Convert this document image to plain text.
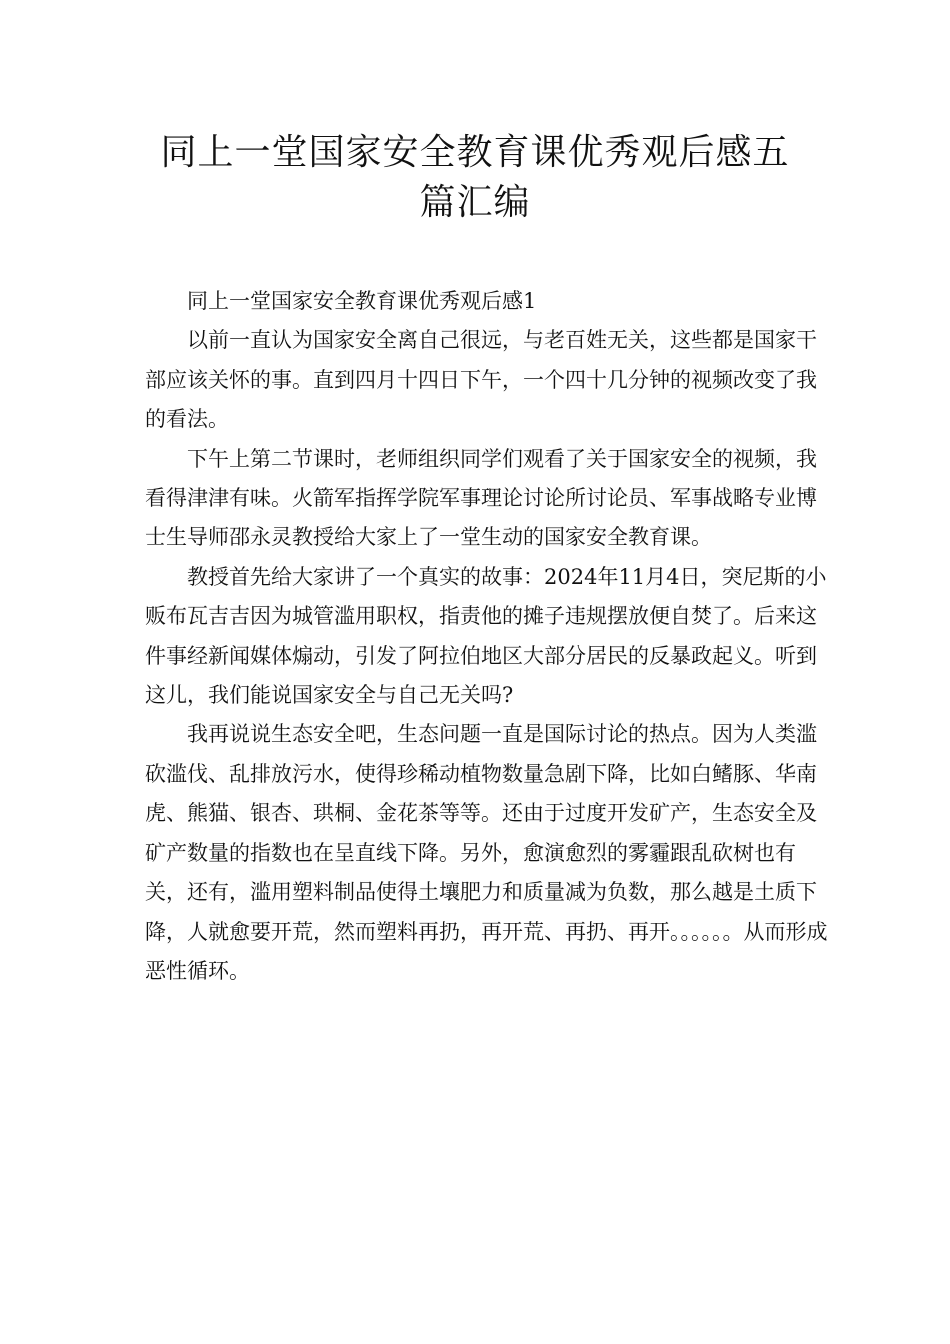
同上一堂国家安全教育课优秀观后感五
篇汇编

同上一堂国家安全教育课优秀观后感1

以前一直认为国家安全离自己很远，与老百姓无关，这些都是国家干部应该关怀的事。直到四月十四日下午，一个四十几分钟的视频改变了我的看法。

下午上第二节课时，老师组织同学们观看了关于国家安全的视频，我看得津津有味。火箭军指挥学院军事理论讨论所讨论员、军事战略专业博士生导师邵永灵教授给大家上了一堂生动的国家安全教育课。

教授首先给大家讲了一个真实的故事：2024年11月4日，突尼斯的小贩布瓦吉吉因为城管滥用职权，指责他的摊子违规摆放便自焚了。后来这件事经新闻媒体煽动，引发了阿拉伯地区大部分居民的反暴政起义。听到这儿，我们能说国家安全与自己无关吗?

我再说说生态安全吧，生态问题一直是国际讨论的热点。因为人类滥砍滥伐、乱排放污水，使得珍稀动植物数量急剧下降，比如白鳍豚、华南虎、熊猫、银杏、珙桐、金花茶等等。还由于过度开发矿产，生态安全及矿产数量的指数也在呈直线下降。另外，愈演愈烈的雾霾跟乱砍树也有关，还有，滥用塑料制品使得土壤肥力和质量减为负数，那么越是土质下降，人就愈要开荒，然而塑料再扔，再开荒、再扔、再开。。。。。。从而形成恶性循环。
